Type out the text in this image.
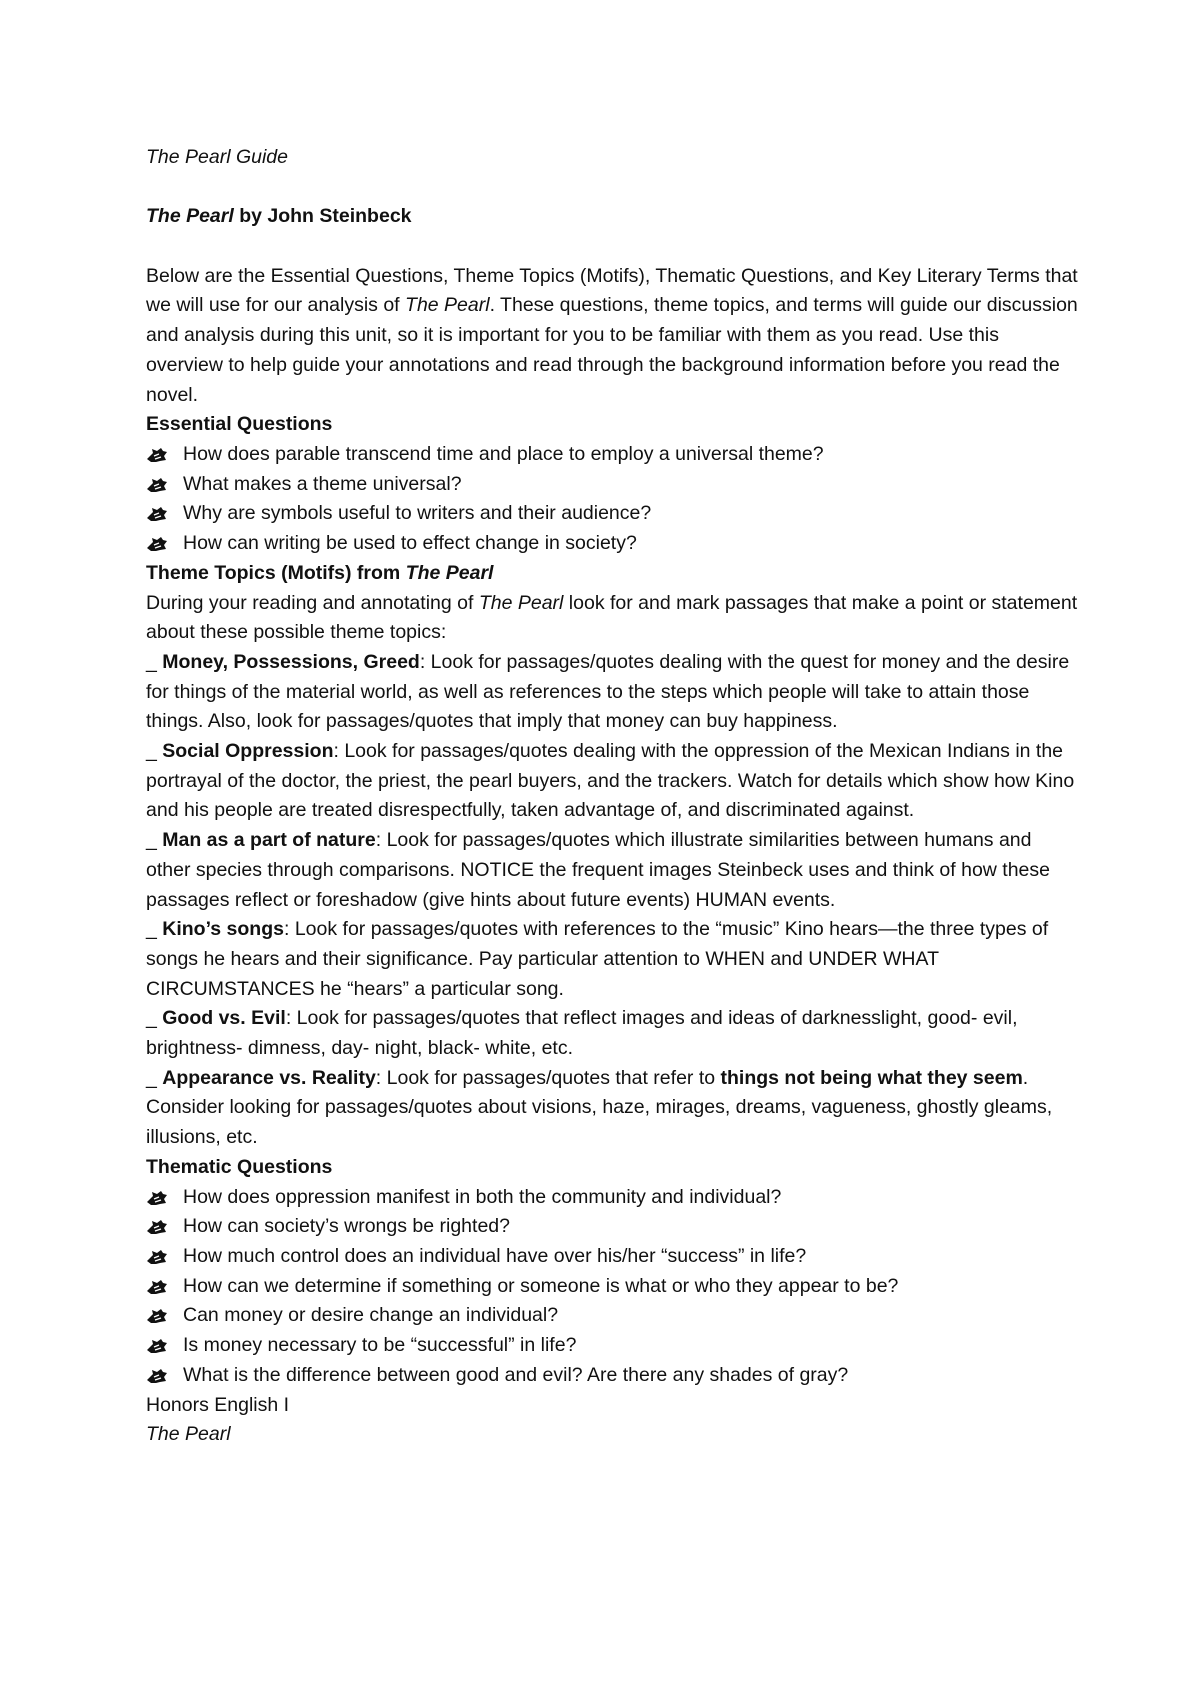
The Pearl Guide

The Pearl by John Steinbeck

Below are the Essential Questions, Theme Topics (Motifs), Thematic Questions, and Key Literary Terms that we will use for our analysis of The Pearl. These questions, theme topics, and terms will guide our discussion and analysis during this unit, so it is important for you to be familiar with them as you read. Use this overview to help guide your annotations and read through the background information before you read the novel.

Essential Questions

How does parable transcend time and place to employ a universal theme?

What makes a theme universal?

Why are symbols useful to writers and their audience?

How can writing be used to effect change in society?

Theme Topics (Motifs) from The Pearl

During your reading and annotating of The Pearl look for and mark passages that make a point or statement about these possible theme topics:

_ Money, Possessions, Greed: Look for passages/quotes dealing with the quest for money and the desire for things of the material world, as well as references to the steps which people will take to attain those things. Also, look for passages/quotes that imply that money can buy happiness.

_ Social Oppression: Look for passages/quotes dealing with the oppression of the Mexican Indians in the portrayal of the doctor, the priest, the pearl buyers, and the trackers. Watch for details which show how Kino and his people are treated disrespectfully, taken advantage of, and discriminated against.

_ Man as a part of nature: Look for passages/quotes which illustrate similarities between humans and other species through comparisons. NOTICE the frequent images Steinbeck uses and think of how these passages reflect or foreshadow (give hints about future events) HUMAN events.

_ Kino’s songs: Look for passages/quotes with references to the “music” Kino hears—the three types of songs he hears and their significance. Pay particular attention to WHEN and UNDER WHAT CIRCUMSTANCES he “hears” a particular song.

_ Good vs. Evil: Look for passages/quotes that reflect images and ideas of darknesslight, good- evil, brightness- dimness, day- night, black- white, etc.

_ Appearance vs. Reality: Look for passages/quotes that refer to things not being what they seem. Consider looking for passages/quotes about visions, haze, mirages, dreams, vagueness, ghostly gleams, illusions, etc.

Thematic Questions

How does oppression manifest in both the community and individual?

How can society’s wrongs be righted?

How much control does an individual have over his/her “success” in life?

How can we determine if something or someone is what or who they appear to be?

Can money or desire change an individual?

Is money necessary to be “successful” in life?

What is the difference between good and evil? Are there any shades of gray?

Honors English I

The Pearl
